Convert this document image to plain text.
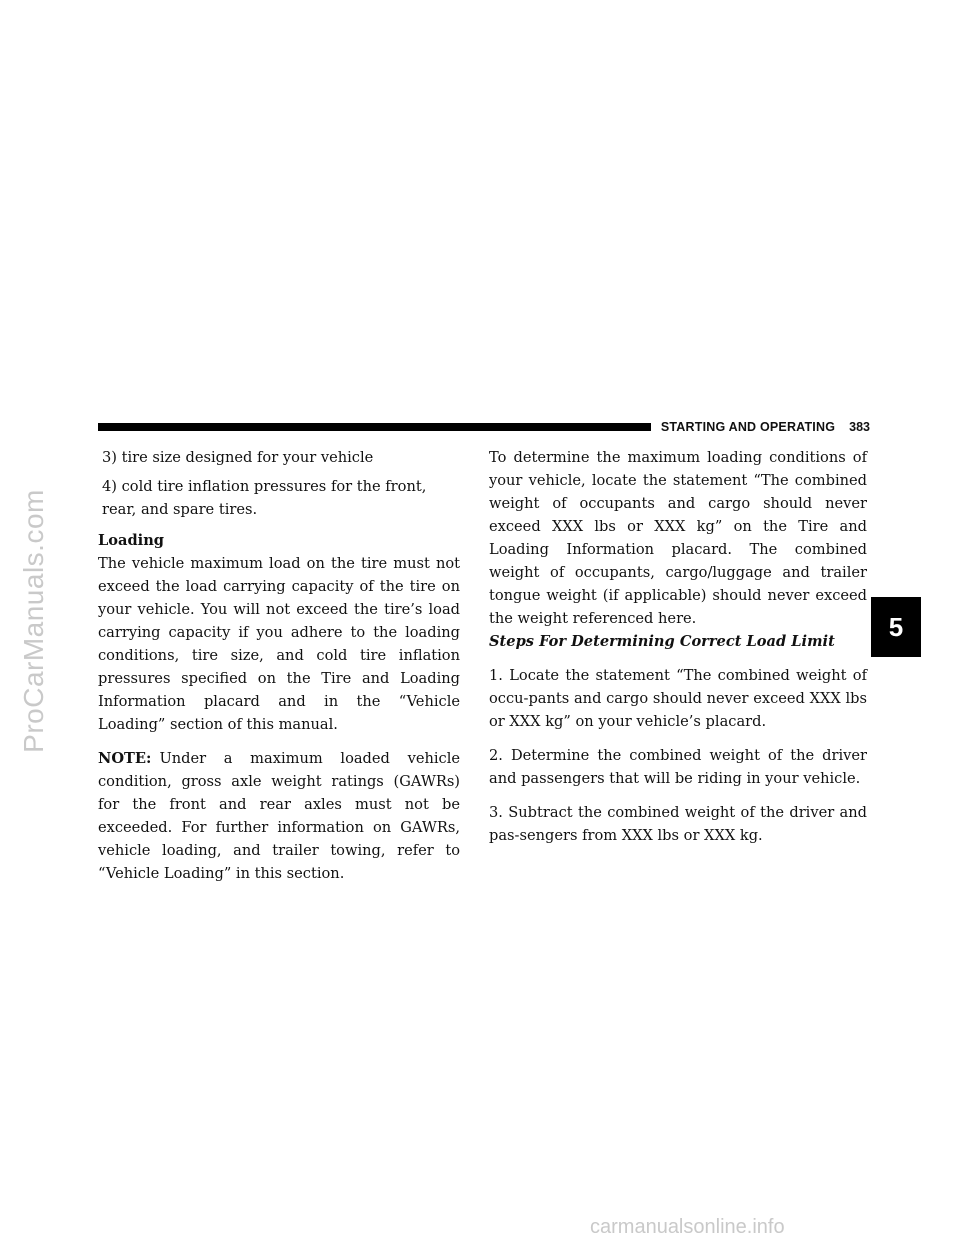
ProCarManuals.com
STARTING AND OPERATING 383

3) tire size designed for your vehicle

4) cold tire inflation pressures for the front, rear, and spare tires.

Loading

The vehicle maximum load on the tire must not exceed the load carrying capacity of the tire on your vehicle. You will not exceed the tire’s load carrying capacity if you adhere to the loading conditions, tire size, and cold tire inflation pressures specified on the Tire and Loading Information placard and in the “Vehicle Loading” section of this manual.

NOTE: Under a maximum loaded vehicle condition, gross axle weight ratings (GAWRs) for the front and rear axles must not be exceeded. For further information on GAWRs, vehicle loading, and trailer towing, refer to “Vehicle Loading” in this section.

To determine the maximum loading conditions of your vehicle, locate the statement “The combined weight of occupants and cargo should never exceed XXX lbs or XXX kg” on the Tire and Loading Information placard. The combined weight of occupants, cargo/luggage and trailer tongue weight (if applicable) should never exceed the weight referenced here.

Steps For Determining Correct Load Limit

1. Locate the statement “The combined weight of occu-pants and cargo should never exceed XXX lbs or XXX kg” on your vehicle’s placard.

2. Determine the combined weight of the driver and passengers that will be riding in your vehicle.

3. Subtract the combined weight of the driver and pas-sengers from XXX lbs or XXX kg.

5
carmanualsonline.info
